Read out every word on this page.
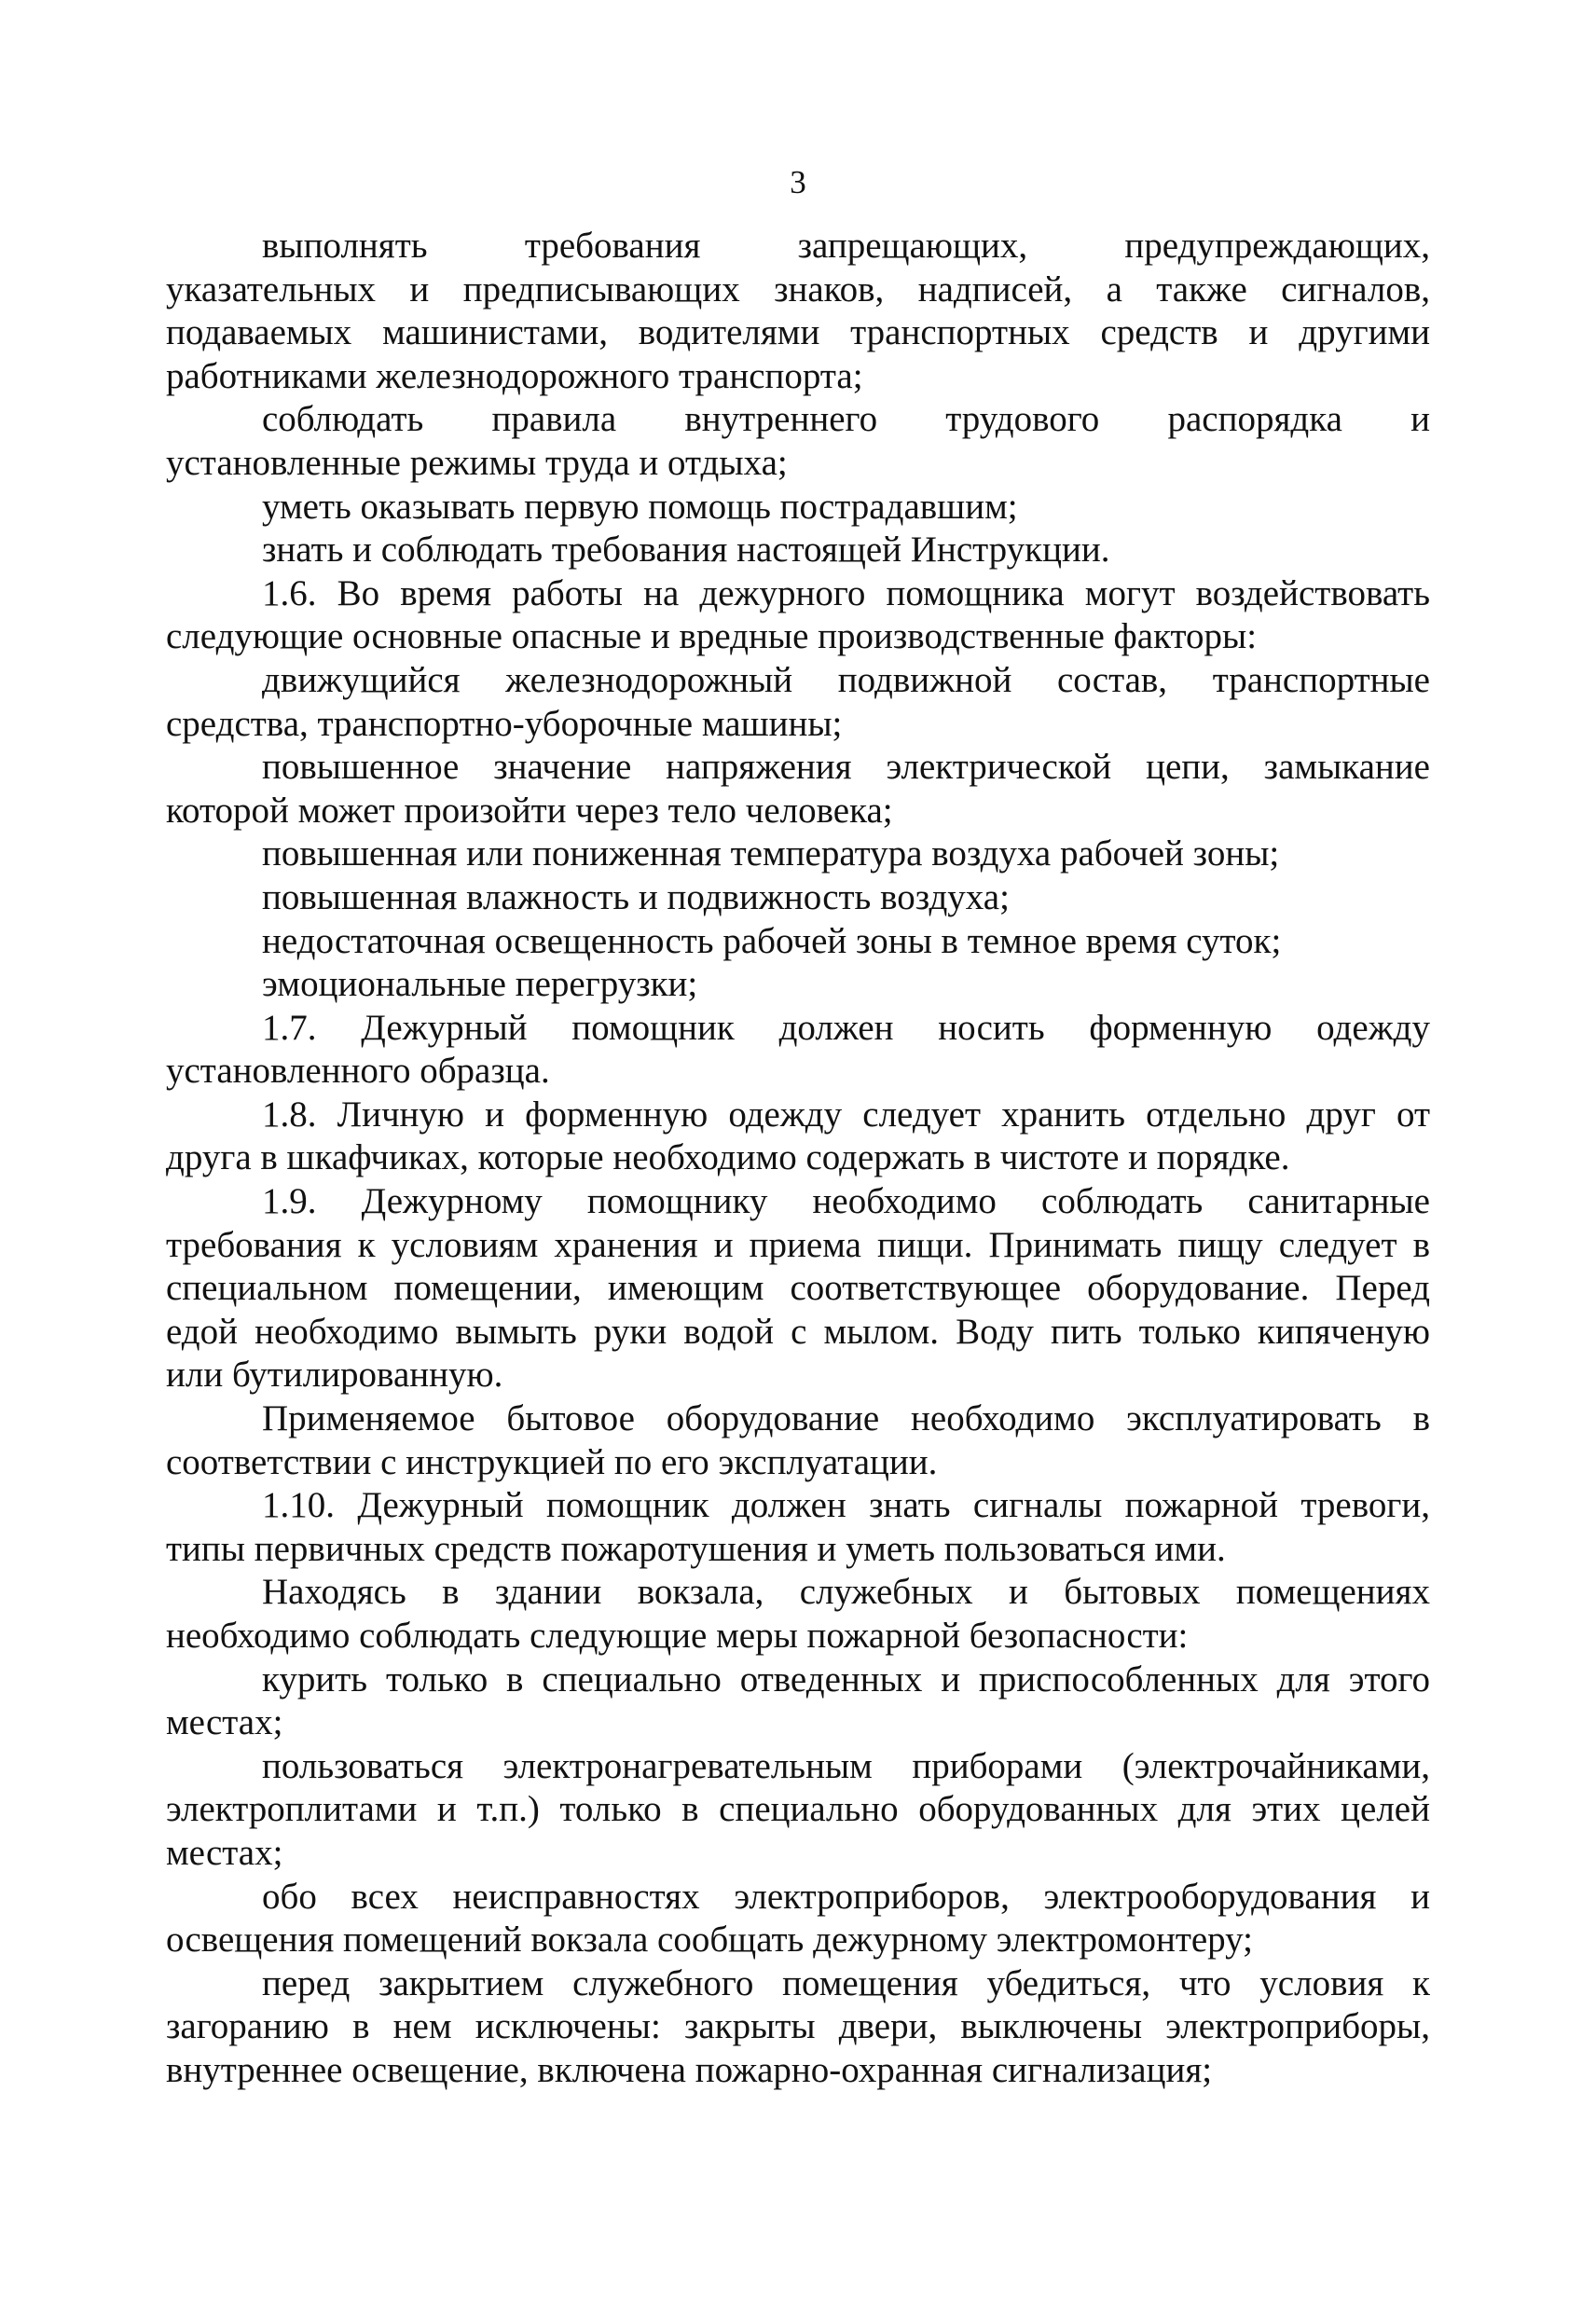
3
выполнять требования запрещающих, предупреждающих,
указательных и предписывающих знаков, надписей, а также сигналов,
подаваемых машинистами, водителями транспортных средств и другими
работниками железнодорожного транспорта;
соблюдать правила внутреннего трудового распорядка и
установленные режимы труда и отдыха;
уметь оказывать первую помощь пострадавшим;
знать и соблюдать требования настоящей Инструкции.
1.6. Во время работы на дежурного помощника могут воздействовать
следующие основные опасные и вредные производственные факторы:
движущийся железнодорожный подвижной состав, транспортные
средства, транспортно-уборочные машины;
повышенное значение напряжения электрической цепи, замыкание
которой может произойти через тело человека;
повышенная или пониженная температура воздуха рабочей зоны;
повышенная влажность и подвижность воздуха;
недостаточная освещенность рабочей зоны в темное время суток;
эмоциональные перегрузки;
1.7. Дежурный помощник должен носить форменную одежду
установленного образца.
1.8. Личную и форменную одежду следует хранить отдельно друг от
друга в шкафчиках, которые необходимо содержать в чистоте и порядке.
1.9. Дежурному помощнику необходимо соблюдать санитарные
требования к условиям хранения и приема пищи. Принимать пищу следует в
специальном помещении, имеющим соответствующее оборудование. Перед
едой необходимо вымыть руки водой с мылом. Воду пить только кипяченую
или бутилированную.
Применяемое бытовое оборудование необходимо эксплуатировать в
соответствии с инструкцией по его эксплуатации.
1.10. Дежурный помощник должен знать сигналы пожарной тревоги,
типы первичных средств пожаротушения и уметь пользоваться ими.
Находясь в здании вокзала, служебных и бытовых помещениях
необходимо соблюдать следующие меры пожарной безопасности:
курить только в специально отведенных и приспособленных для этого
местах;
пользоваться электронагревательным приборами (электрочайниками,
электроплитами и т.п.) только в специально оборудованных для этих целей
местах;
обо всех неисправностях электроприборов, электрооборудования и
освещения помещений вокзала сообщать дежурному электромонтеру;
перед закрытием служебного помещения убедиться, что условия к
загоранию в нем исключены: закрыты двери, выключены электроприборы,
внутреннее освещение, включена пожарно-охранная сигнализация;
